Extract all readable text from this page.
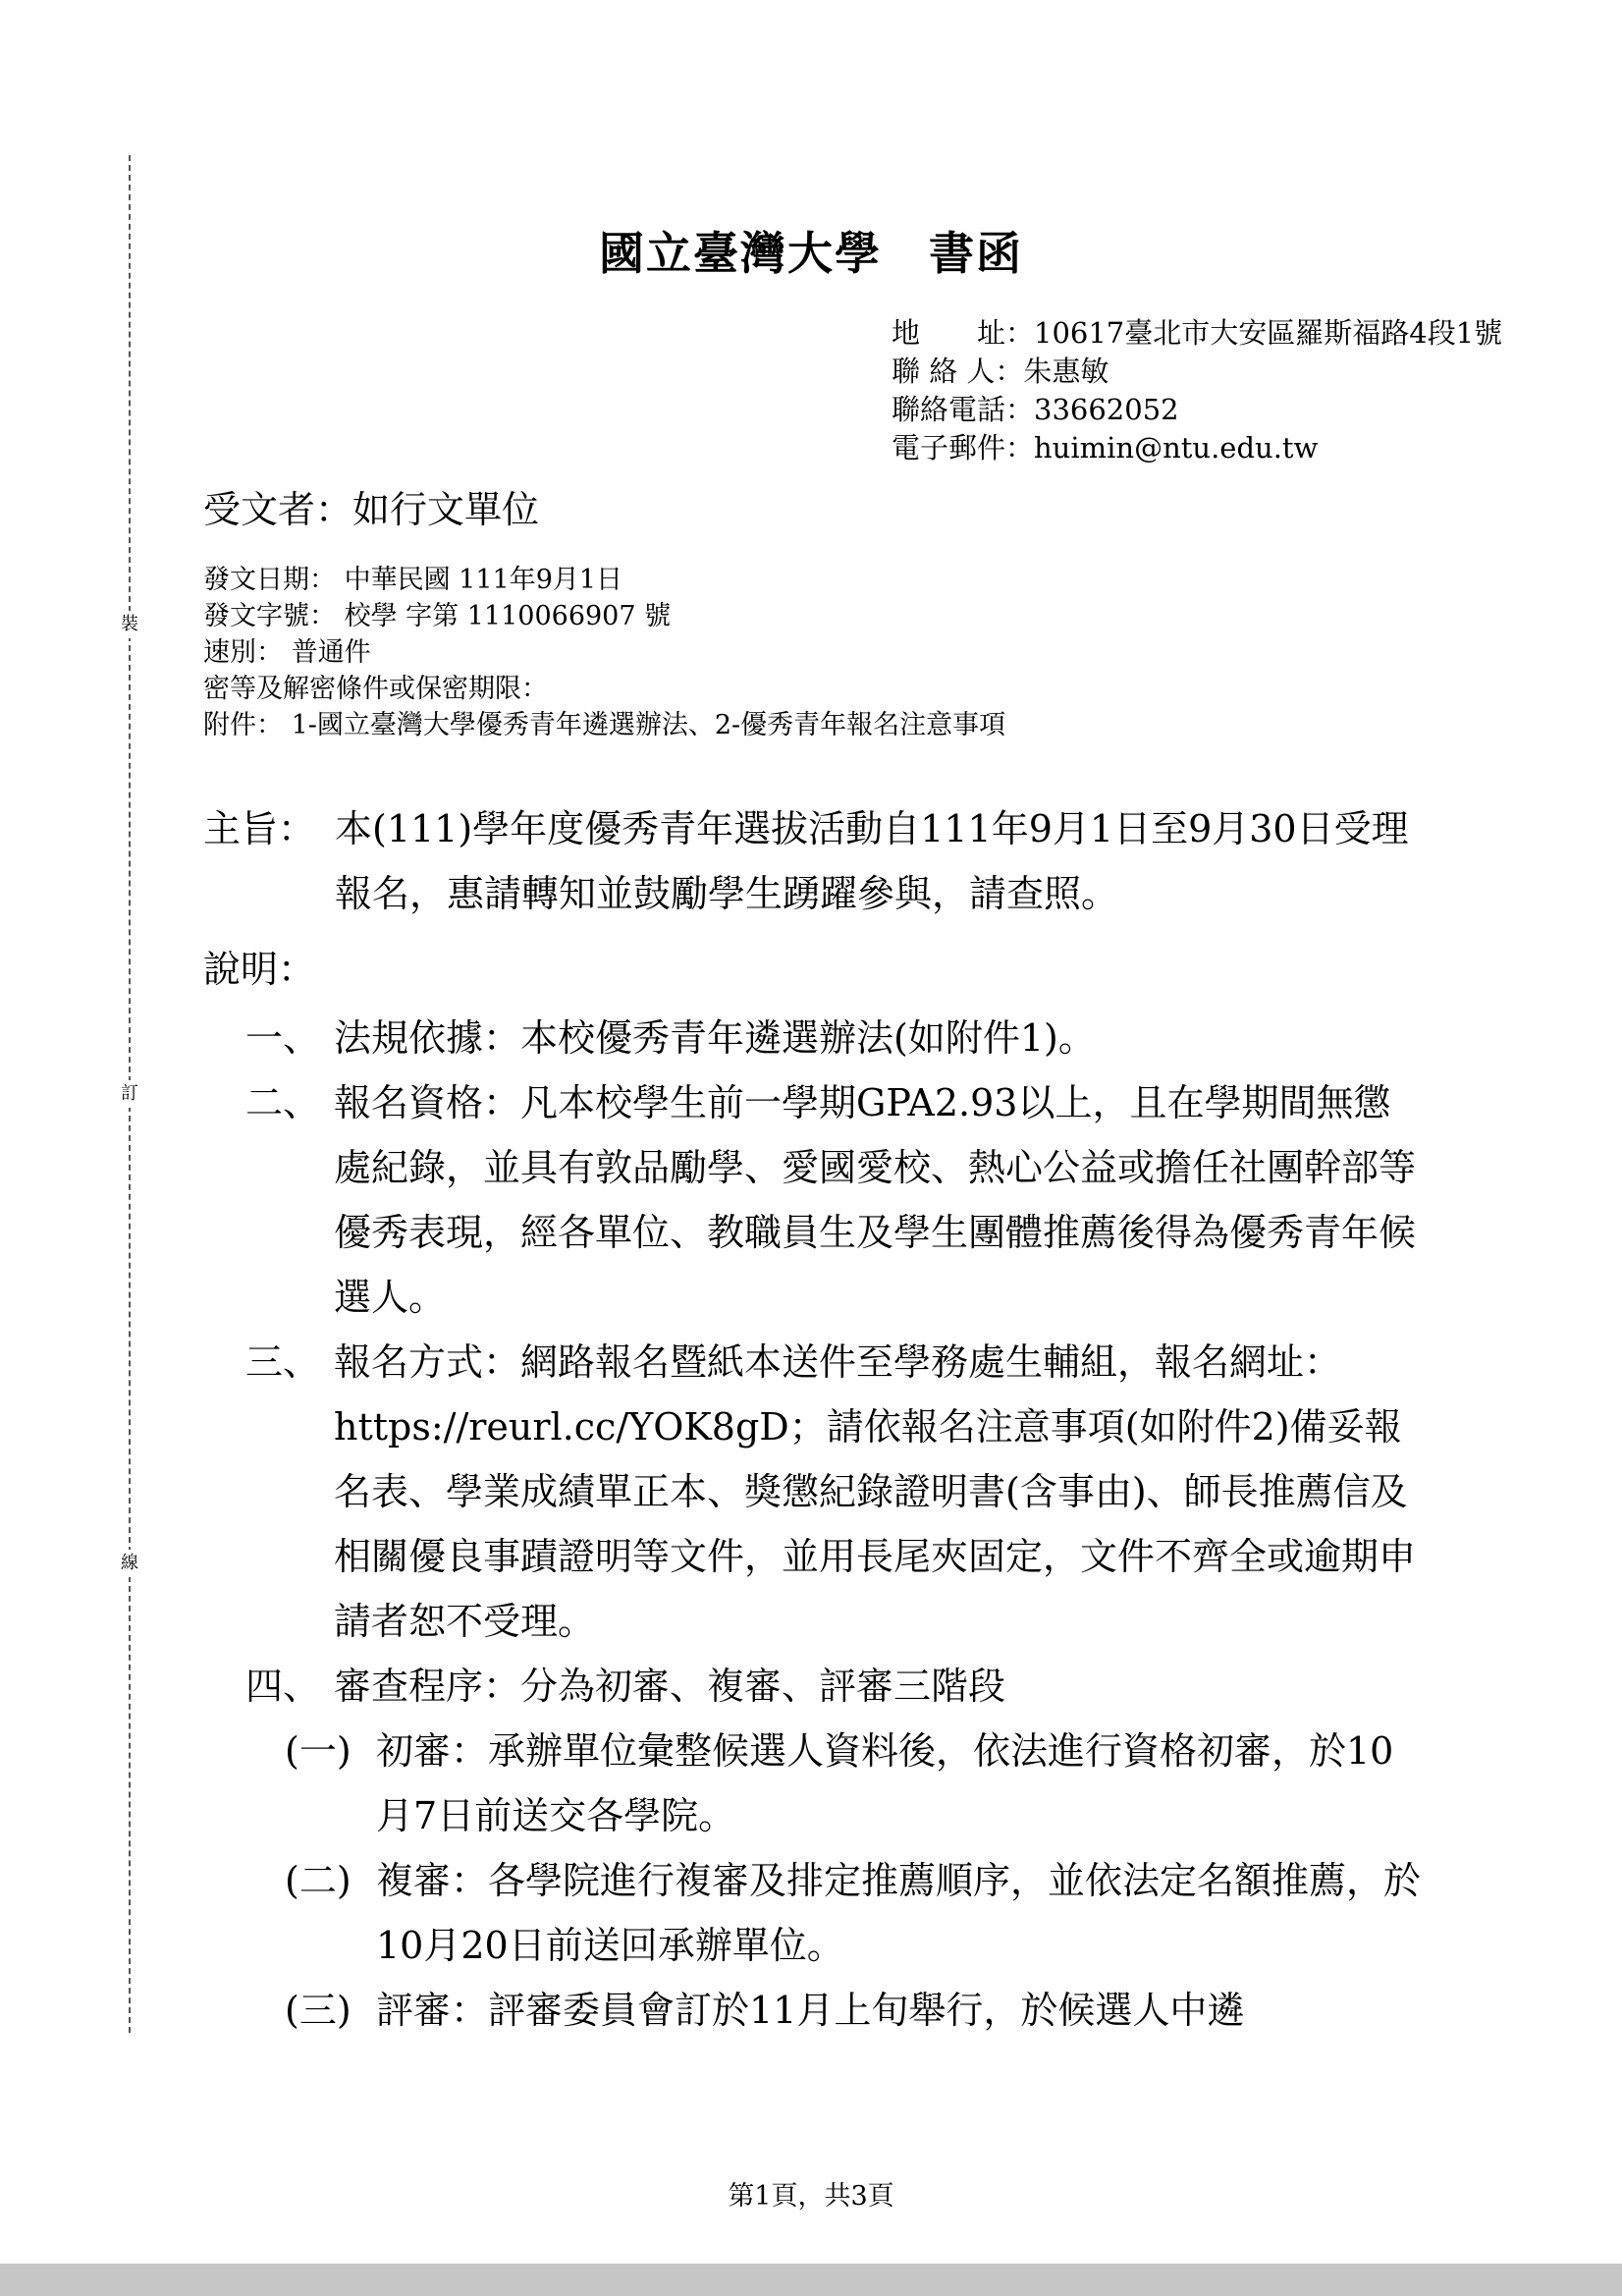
裝
訂
線
國立臺灣大學　書函
地　　址：10617臺北市大安區羅斯福路4段1號
聯 絡 人：朱惠敏
聯絡電話：33662052
電子郵件：huimin@ntu.edu.tw
受文者：如行文單位
發文日期： 中華民國 111年9月1日
發文字號： 校學 字第 1110066907 號
速別： 普通件
密等及解密條件或保密期限：
附件： 1-國立臺灣大學優秀青年遴選辦法、2-優秀青年報名注意事項
主旨： 本(111)學年度優秀青年選拔活動自111年9月1日至9月30日受理報名，惠請轉知並鼓勵學生踴躍參與，請查照。
說明：
一、 法規依據：本校優秀青年遴選辦法(如附件1)。
二、 報名資格：凡本校學生前一學期GPA2.93以上，且在學期間無懲處紀錄，並具有敦品勵學、愛國愛校、熱心公益或擔任社團幹部等優秀表現，經各單位、教職員生及學生團體推薦後得為優秀青年候選人。
三、 報名方式：網路報名暨紙本送件至學務處生輔組，報名網址：https://reurl.cc/YOK8gD；請依報名注意事項(如附件2)備妥報名表、學業成績單正本、獎懲紀錄證明書(含事由)、師長推薦信及相關優良事蹟證明等文件，並用長尾夾固定，文件不齊全或逾期申請者恕不受理。
四、 審查程序：分為初審、複審、評審三階段
(一) 初審：承辦單位彙整候選人資料後，依法進行資格初審，於10月7日前送交各學院。
(二) 複審：各學院進行複審及排定推薦順序，並依法定名額推薦，於10月20日前送回承辦單位。
(三) 評審：評審委員會訂於11月上旬舉行，於候選人中遴
第1頁，共3頁
